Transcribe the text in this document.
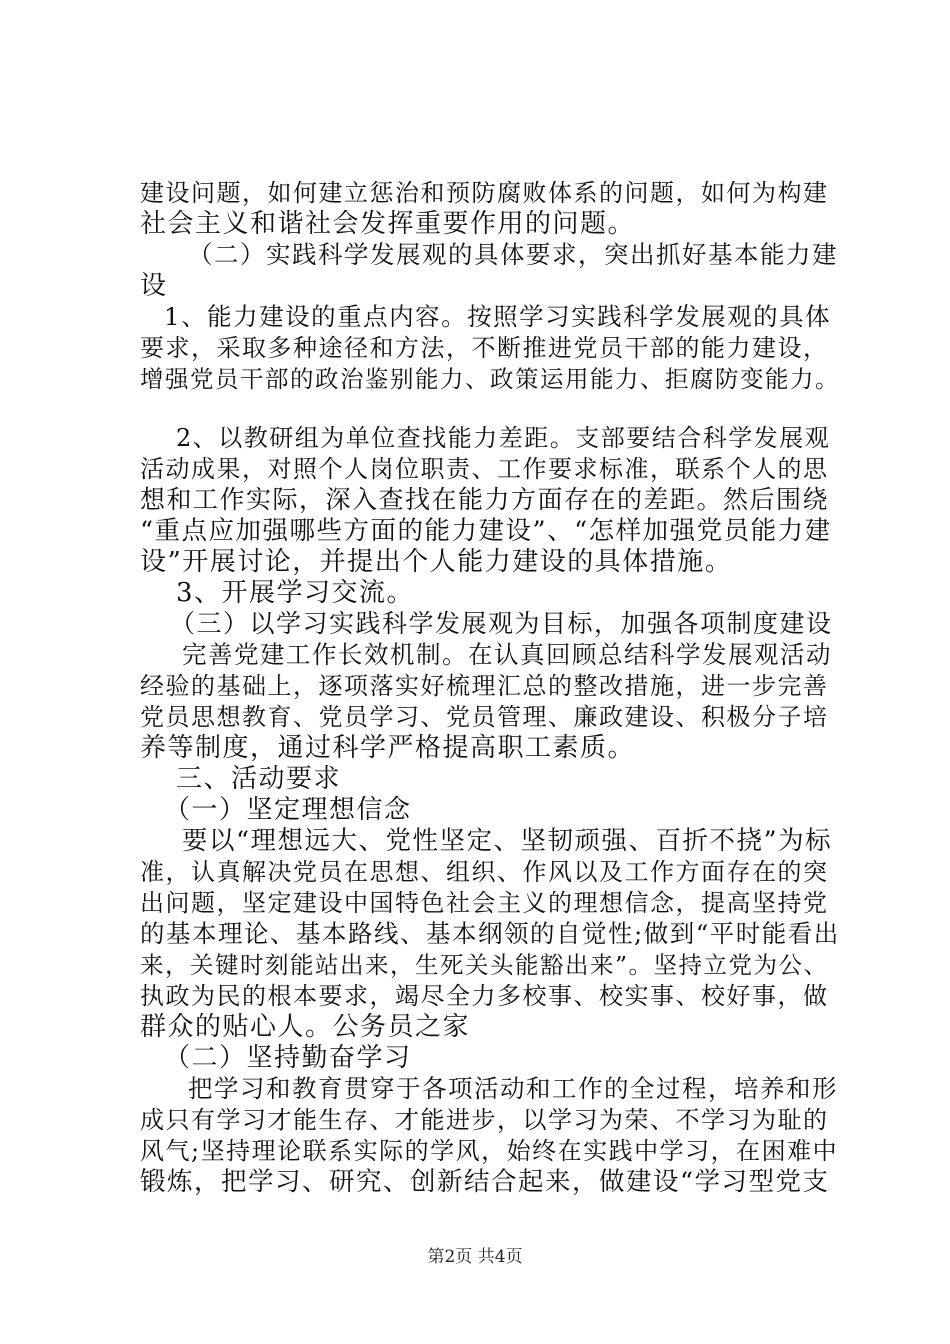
建设问题，如何建立惩治和预防腐败体系的问题，如何为构建
社会主义和谐社会发挥重要作用的问题。
（二）实践科学发展观的具体要求，突出抓好基本能力建
设
1、能力建设的重点内容。按照学习实践科学发展观的具体
要求，采取多种途径和方法，不断推进党员干部的能力建设，
增强党员干部的政治鉴别能力、政策运用能力、拒腐防变能力。
2、以教研组为单位查找能力差距。支部要结合科学发展观
活动成果，对照个人岗位职责、工作要求标准，联系个人的思
想和工作实际，深入查找在能力方面存在的差距。然后围绕
“重点应加强哪些方面的能力建设”、“怎样加强党员能力建
设”开展讨论，并提出个人能力建设的具体措施。
3、开展学习交流。
（三）以学习实践科学发展观为目标，加强各项制度建设
完善党建工作长效机制。在认真回顾总结科学发展观活动
经验的基础上，逐项落实好梳理汇总的整改措施，进一步完善
党员思想教育、党员学习、党员管理、廉政建设、积极分子培
养等制度，通过科学严格提高职工素质。
三、活动要求
（一）坚定理想信念
要以“理想远大、党性坚定、坚韧顽强、百折不挠”为标
准，认真解决党员在思想、组织、作风以及工作方面存在的突
出问题，坚定建设中国特色社会主义的理想信念，提高坚持党
的基本理论、基本路线、基本纲领的自觉性;做到“平时能看出
来，关键时刻能站出来，生死关头能豁出来”。坚持立党为公、
执政为民的根本要求，竭尽全力多校事、校实事、校好事，做
群众的贴心人。公务员之家
（二）坚持勤奋学习
把学习和教育贯穿于各项活动和工作的全过程，培养和形
成只有学习才能生存、才能进步，以学习为荣、不学习为耻的
风气;坚持理论联系实际的学风，始终在实践中学习，在困难中
锻炼，把学习、研究、创新结合起来，做建设“学习型党支
第2页 共4页
